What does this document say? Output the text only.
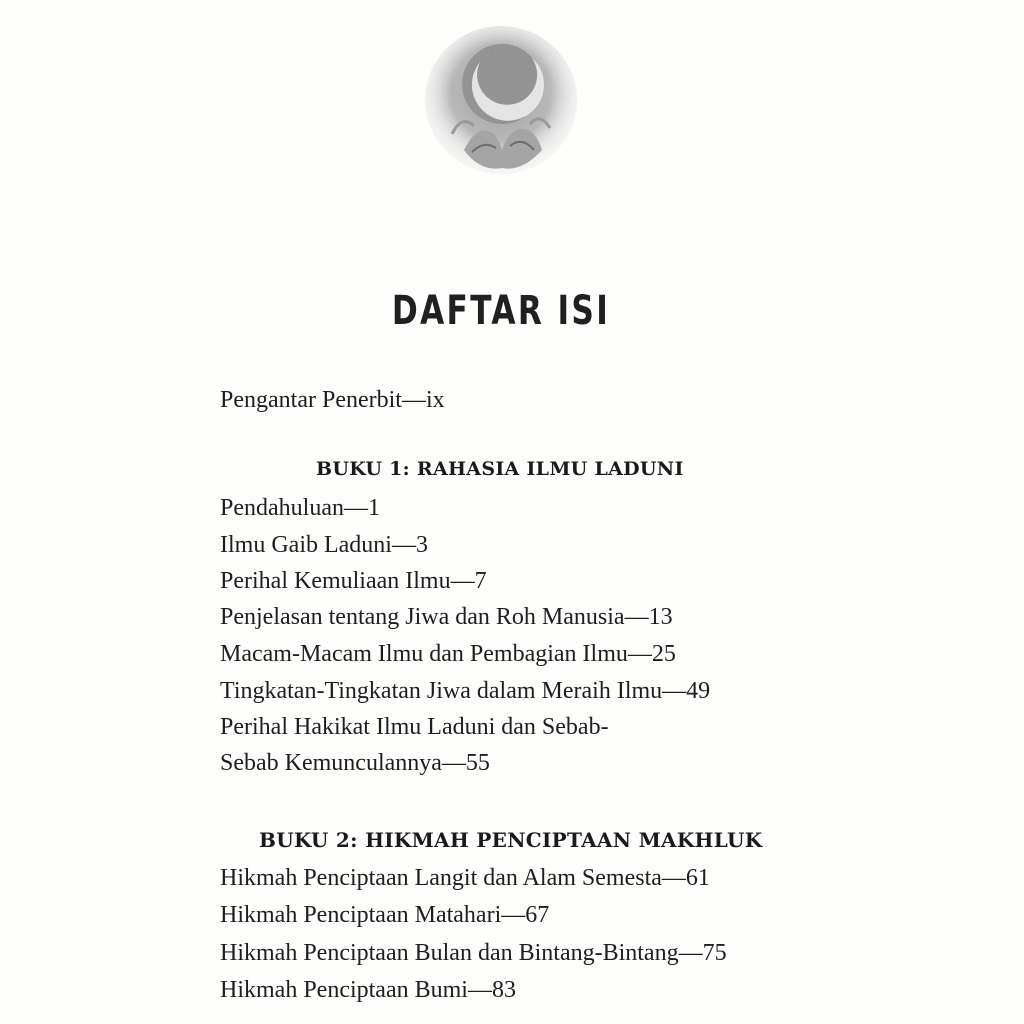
DAFTAR ISI
Pengantar Penerbit—ix
BUKU 1: RAHASIA ILMU LADUNI
Pendahuluan—1
Ilmu Gaib Laduni—3
Perihal Kemuliaan Ilmu—7
Penjelasan tentang Jiwa dan Roh Manusia—13
Macam-Macam Ilmu dan Pembagian Ilmu—25
Tingkatan-Tingkatan Jiwa dalam Meraih Ilmu—49
Perihal Hakikat Ilmu Laduni dan Sebab-
Sebab Kemunculannya—55
BUKU 2: HIKMAH PENCIPTAAN MAKHLUK
Hikmah Penciptaan Langit dan Alam Semesta—61
Hikmah Penciptaan Matahari—67
Hikmah Penciptaan Bulan dan Bintang-Bintang—75
Hikmah Penciptaan Bumi—83
